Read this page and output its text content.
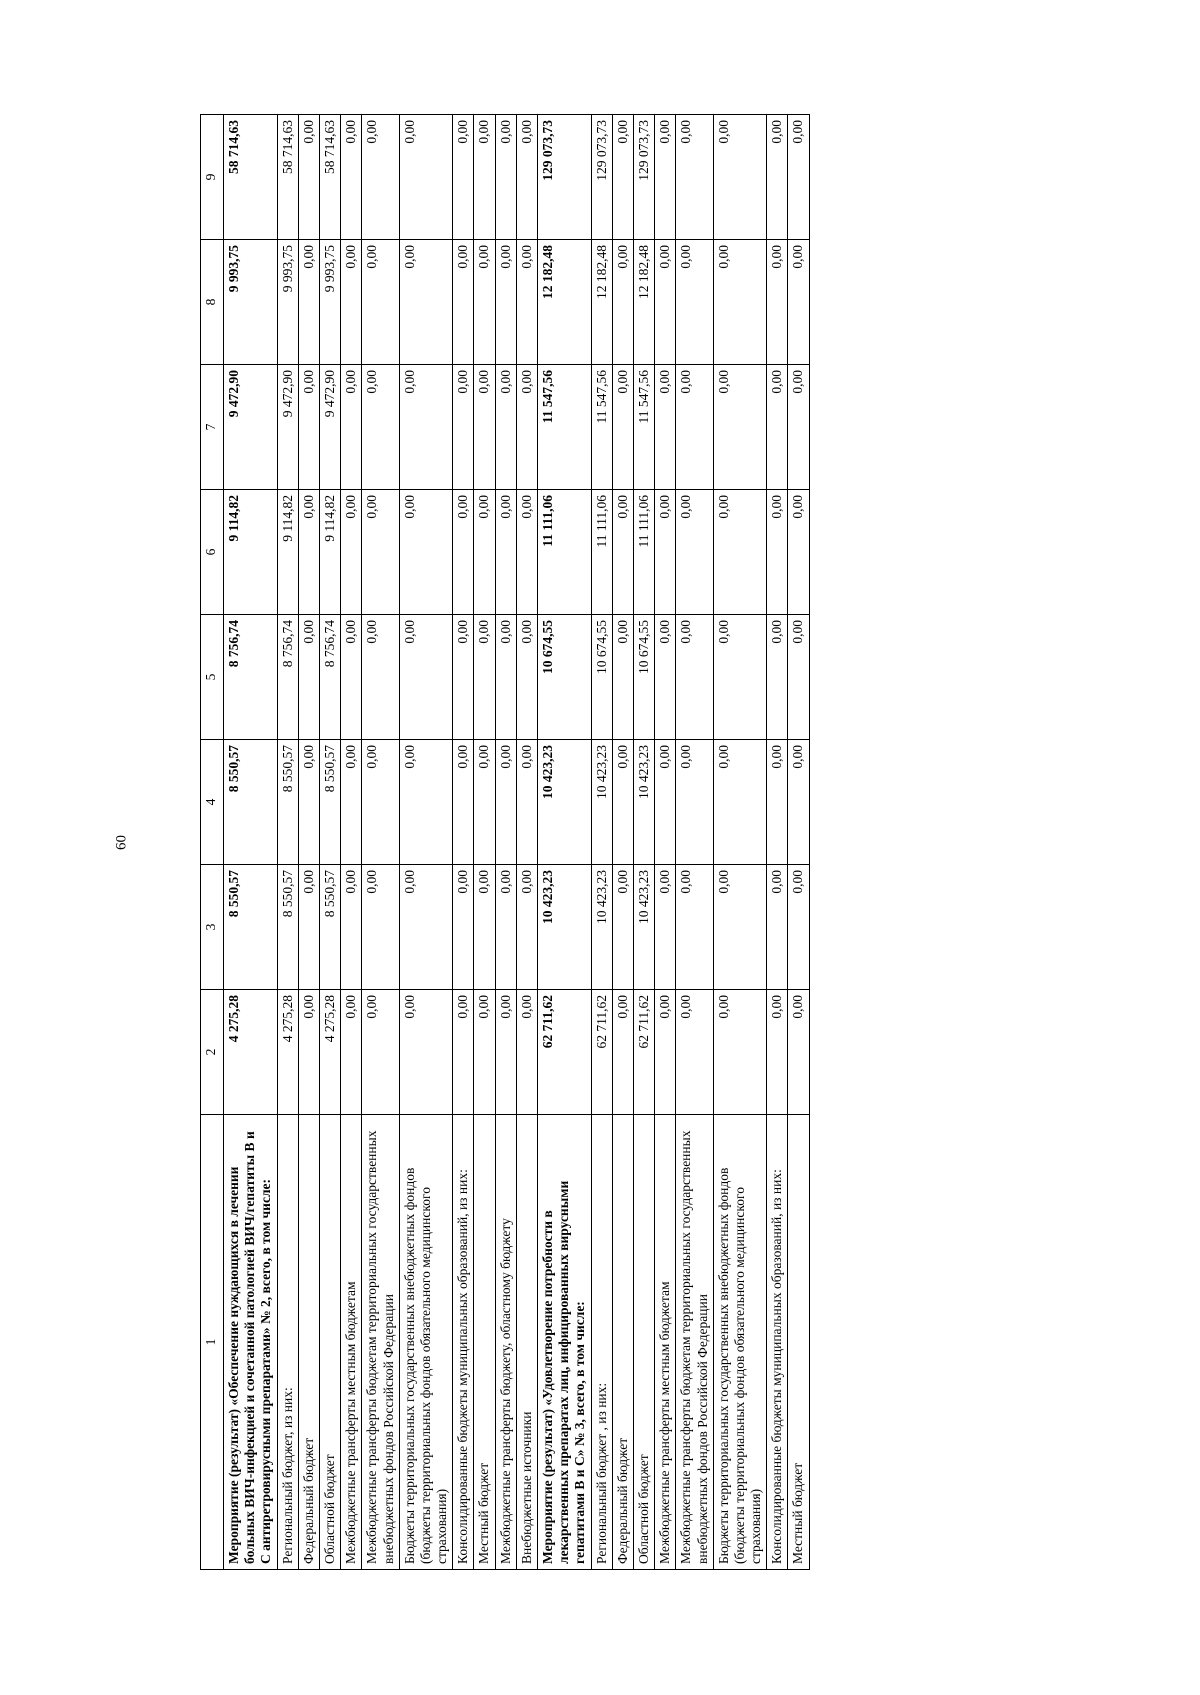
60
1	2	3	4	5	6	7	8	9
Мероприятие (результат) «Обеспечение нуждающихся в лечении больных ВИЧ-инфекцией и сочетанной патологией ВИЧ/гепатиты В и С антиретровирусными препаратами» № 2, всего, в том числе:	4 275,28	8 550,57	8 550,57	8 756,74	9 114,82	9 472,90	9 993,75	58 714,63
Региональный бюджет, из них:	4 275,28	8 550,57	8 550,57	8 756,74	9 114,82	9 472,90	9 993,75	58 714,63
Федеральный бюджет	0,00	0,00	0,00	0,00	0,00	0,00	0,00	0,00
Областной бюджет	4 275,28	8 550,57	8 550,57	8 756,74	9 114,82	9 472,90	9 993,75	58 714,63
Межбюджетные трансферты местным бюджетам	0,00	0,00	0,00	0,00	0,00	0,00	0,00	0,00
Межбюджетные трансферты бюджетам территориальных государственных внебюджетных фондов Российской Федерации	0,00	0,00	0,00	0,00	0,00	0,00	0,00	0,00
Бюджеты территориальных государственных внебюджетных фондов (бюджеты территориальных фондов обязательного медицинского страхования)	0,00	0,00	0,00	0,00	0,00	0,00	0,00	0,00
Консолидированные бюджеты муниципальных образований, из них:	0,00	0,00	0,00	0,00	0,00	0,00	0,00	0,00
Местный бюджет	0,00	0,00	0,00	0,00	0,00	0,00	0,00	0,00
Межбюджетные трансферты бюджету, областному бюджету	0,00	0,00	0,00	0,00	0,00	0,00	0,00	0,00
Внебюджетные источники	0,00	0,00	0,00	0,00	0,00	0,00	0,00	0,00
Мероприятие (результат) «Удовлетворение потребности в лекарственных препаратах лиц, инфицированных вирусными гепатитами В и С» № 3, всего, в том числе:	62 711,62	10 423,23	10 423,23	10 674,55	11 111,06	11 547,56	12 182,48	129 073,73
Региональный бюджет , из них:	62 711,62	10 423,23	10 423,23	10 674,55	11 111,06	11 547,56	12 182,48	129 073,73
Федеральный бюджет	0,00	0,00	0,00	0,00	0,00	0,00	0,00	0,00
Областной бюджет	62 711,62	10 423,23	10 423,23	10 674,55	11 111,06	11 547,56	12 182,48	129 073,73
Межбюджетные трансферты местным бюджетам	0,00	0,00	0,00	0,00	0,00	0,00	0,00	0,00
Межбюджетные трансферты бюджетам территориальных государственных внебюджетных фондов Российской Федерации	0,00	0,00	0,00	0,00	0,00	0,00	0,00	0,00
Бюджеты территориальных государственных внебюджетных фондов (бюджеты территориальных фондов обязательного медицинского страхования)	0,00	0,00	0,00	0,00	0,00	0,00	0,00	0,00
Консолидированные бюджеты муниципальных образований, из них:	0,00	0,00	0,00	0,00	0,00	0,00	0,00	0,00
Местный бюджет	0,00	0,00	0,00	0,00	0,00	0,00	0,00	0,00
